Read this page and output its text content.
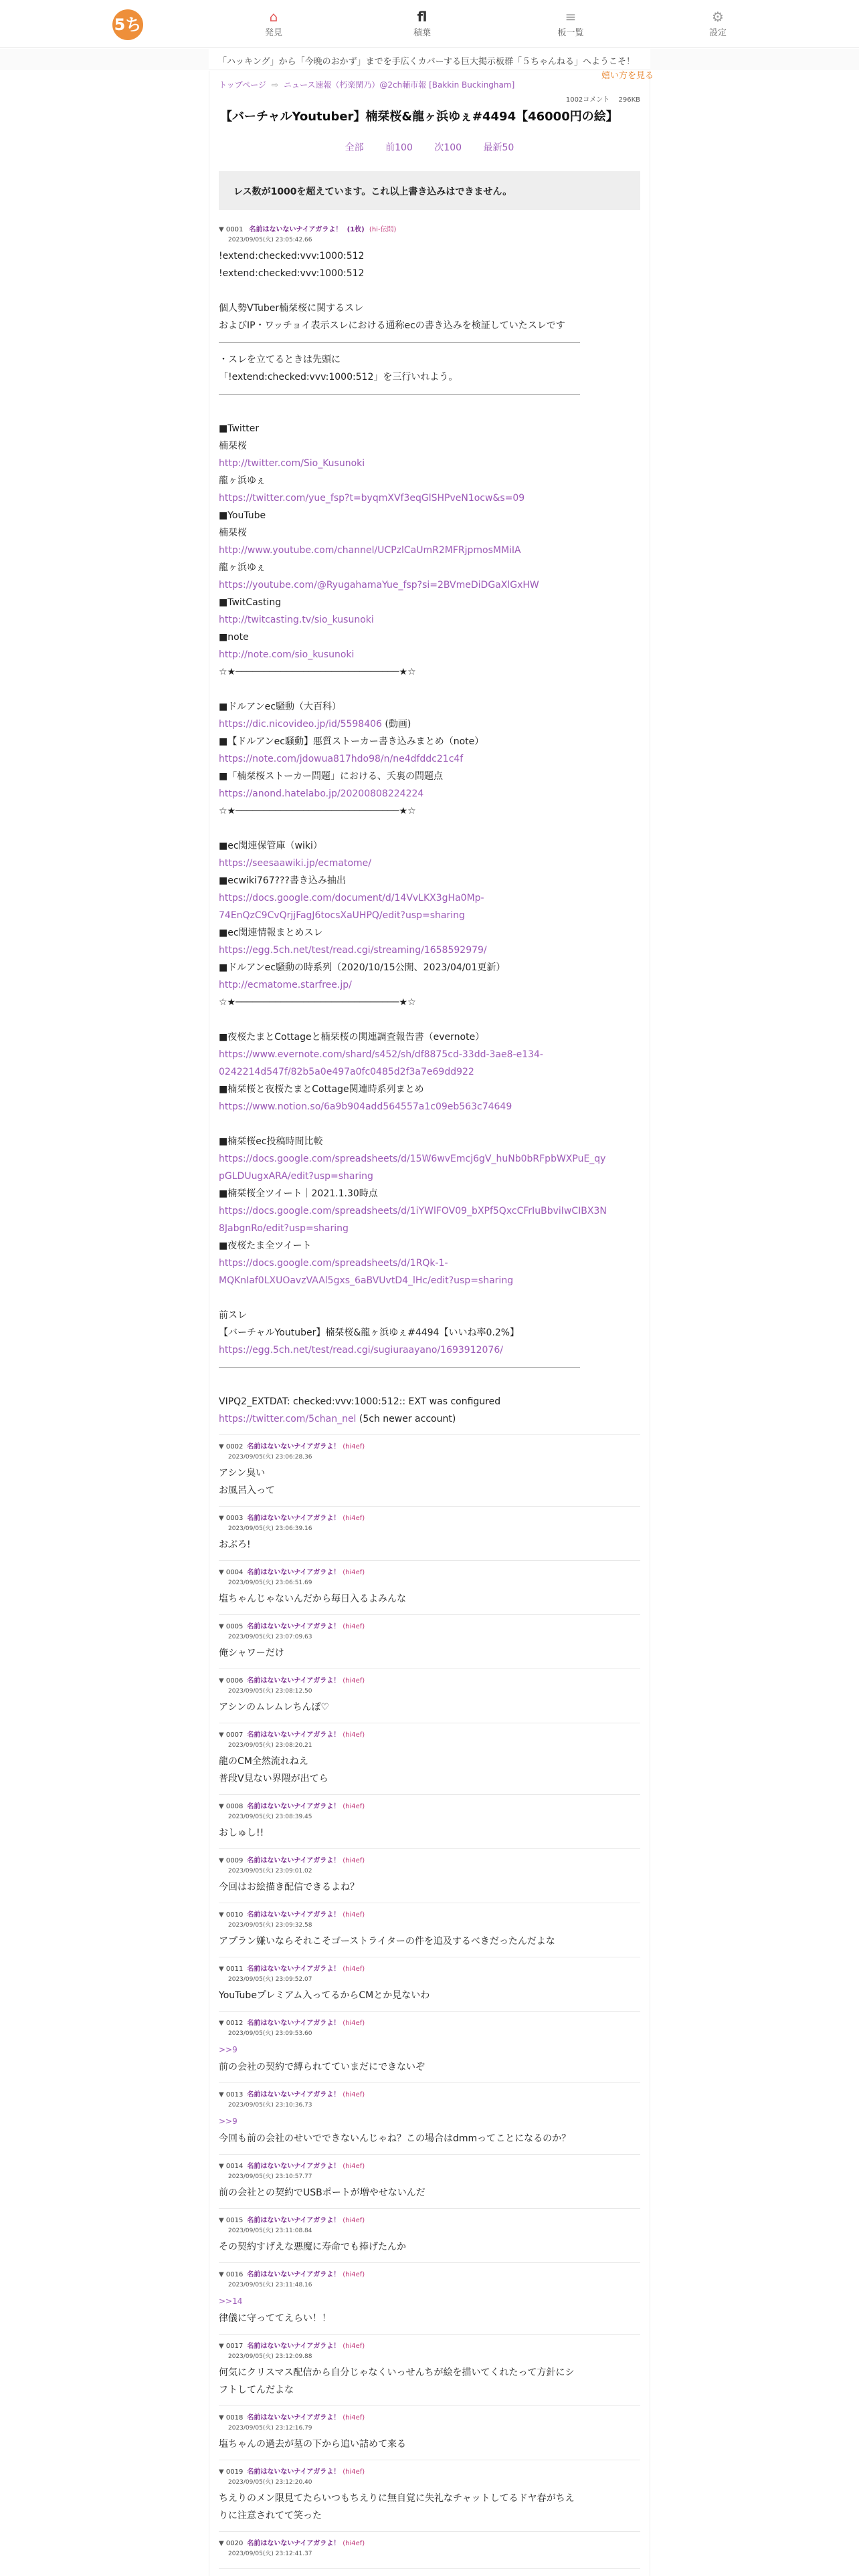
5ち	⌂
発見
fl
積葉
≡
板一覧
⚙
設定
「ハッキング」から「今晩のおかず」までを手広くカバーする巨大掲示板群「５ちゃんねる」へようこそ！
トップページ ⇨ ニュース速報（朽楽閑乃）@2ch輔市報 [Bakkin Buckingham]
嬉い方を見る
1002コメント 296KB
【バーチャルYoutuber】楠栞桜&龍ヶ浜ゆぇ#4494【46000円の絵】
全部 前100 次100 最新50
レス数が1000を超えています。これ以上書き込みはできません。
▼ 0001 名前はないないナイアガラよ！ (1枚) (hi-伝悶)
2023/09/05(火) 23:05:42.66
!extend:checked:vvv:1000:512
!extend:checked:vvv:1000:512
個人勢VTuber楠栞桜に関するスレ
およびIP・ワッチョイ表示スレにおける通称ecの書き込みを検証していたスレです
・スレを立てるときは先頭に
「!extend:checked:vvv:1000:512」を三行いれよう。
■Twitter
楠栞桜
http://twitter.com/Sio_Kusunoki
龍ヶ浜ゆぇ
https://twitter.com/yue_fsp?t=byqmXVf3eqGlSHPveN1ocw&s=09
■YouTube
楠栞桜
http://www.youtube.com/channel/UCPzlCaUmR2MFRjpmosMMiIA
龍ヶ浜ゆぇ
https://youtube.com/@RyugahamaYue_fsp?si=2BVmeDiDGaXlGxHW
■TwitCasting
http://twitcasting.tv/sio_kusunoki
■note
http://note.com/sio_kusunoki
☆★─────────────────────────────★☆
■ドルアンec騒動（大百科）
https://dic.nicovideo.jp/id/5598406 (動画)
■【ドルアンec騒動】悪質ストーカー書き込みまとめ（note）
https://note.com/jdowua817hdo98/n/ne4dfddc21c4f
■「楠栞桜ストーカー問題」における、夭裏の問題点
https://anond.hatelabo.jp/20200808224224
☆★─────────────────────────────★☆
■ec関連保管庫（wiki）
https://seesaawiki.jp/ecmatome/
■ecwiki767???書き込み抽出
https://docs.google.com/document/d/14VvLKX3gHa0Mp-
74EnQzC9CvQrjjFagJ6tocsXaUHPQ/edit?usp=sharing
■ec関連情報まとめスレ
https://egg.5ch.net/test/read.cgi/streaming/1658592979/
■ドルアンec騒動の時系列（2020/10/15公開、2023/04/01更新）
http://ecmatome.starfree.jp/
☆★─────────────────────────────★☆
■夜桜たまとCottageと楠栞桜の関連調査報告書（evernote）
https://www.evernote.com/shard/s452/sh/df8875cd-33dd-3ae8-e134-
0242214d547f/82b5a0e497a0fc0485d2f3a7e69dd922
■楠栞桜と夜桜たまとCottage関連時系列まとめ
https://www.notion.so/6a9b904add564557a1c09eb563c74649
■楠栞桜ec投稿時間比較
https://docs.google.com/spreadsheets/d/15W6wvEmcj6gV_huNb0bRFpbWXPuE_qy
pGLDUugxARA/edit?usp=sharing
■楠栞桜全ツイート｜2021.1.30時点
https://docs.google.com/spreadsheets/d/1iYWlFOV09_bXPf5QxcCFrIuBbviIwCIBX3N
8JabgnRo/edit?usp=sharing
■夜桜たま全ツイート
https://docs.google.com/spreadsheets/d/1RQk-1-
MQKnIaf0LXUOavzVAAl5gxs_6aBVUvtD4_lHc/edit?usp=sharing
前スレ
【バーチャルYoutuber】楠栞桜&龍ヶ浜ゆぇ#4494【いいね率0.2%】
https://egg.5ch.net/test/read.cgi/sugiuraayano/1693912076/
VIPQ2_EXTDAT: checked:vvv:1000:512:: EXT was configured
https://twitter.com/5chan_nel (5ch newer account)
▼ 0002 名前はないないナイアガラよ！ (hi4ef)
2023/09/05(火) 23:06:28.36
アシン臭い
お風呂入って
▼ 0003 名前はないないナイアガラよ！ (hi4ef)
2023/09/05(火) 23:06:39.16
おぶろ!
▼ 0004 名前はないないナイアガラよ！ (hi4ef)
2023/09/05(火) 23:06:51.69
塩ちゃんじゃないんだから毎日入るよみんな
▼ 0005 名前はないないナイアガラよ！ (hi4ef)
2023/09/05(火) 23:07:09.63
俺シャワーだけ
▼ 0006 名前はないないナイアガラよ！ (hi4ef)
2023/09/05(火) 23:08:12.50
アシンのムレムレちんぽ♡
▼ 0007 名前はないないナイアガラよ！ (hi4ef)
2023/09/05(火) 23:08:20.21
龍のCM全然流れねえ
普段V見ない界隈が出てら
▼ 0008 名前はないないナイアガラよ！ (hi4ef)
2023/09/05(火) 23:08:39.45
おしゅし!!
▼ 0009 名前はないないナイアガラよ！ (hi4ef)
2023/09/05(火) 23:09:01.02
今回はお絵描き配信できるよね？
▼ 0010 名前はないないナイアガラよ！ (hi4ef)
2023/09/05(火) 23:09:32.58
アプラン嫌いならそれこそゴーストライターの件を追及するべきだったんだよな
▼ 0011 名前はないないナイアガラよ！ (hi4ef)
2023/09/05(火) 23:09:52.07
YouTubeプレミアム入ってるからCMとか見ないわ
▼ 0012 名前はないないナイアガラよ！ (hi4ef)
2023/09/05(火) 23:09:53.60
>>9
前の会社の契約で縛られてていまだにできないぞ
▼ 0013 名前はないないナイアガラよ！ (hi4ef)
2023/09/05(火) 23:10:36.73
>>9
今回も前の会社のせいでできないんじゃね？この場合はdmmってことになるのか？
▼ 0014 名前はないないナイアガラよ！ (hi4ef)
2023/09/05(火) 23:10:57.77
前の会社との契約でUSBポートが増やせないんだ
▼ 0015 名前はないないナイアガラよ！ (hi4ef)
2023/09/05(火) 23:11:08.84
その契約すげえな悪魔に寿命でも捧げたんか
▼ 0016 名前はないないナイアガラよ！ (hi4ef)
2023/09/05(火) 23:11:48.16
>>14
律儀に守っててえらい！！
▼ 0017 名前はないないナイアガラよ！ (hi4ef)
2023/09/05(火) 23:12:09.88
何気にクリスマス配信から自分じゃなくいっせんちが絵を描いてくれたって方針にシ
フトしてんだよな
▼ 0018 名前はないないナイアガラよ！ (hi4ef)
2023/09/05(火) 23:12:16.79
塩ちゃんの過去が墓の下から追い詰めて来る
▼ 0019 名前はないないナイアガラよ！ (hi4ef)
2023/09/05(火) 23:12:20.40
ちえりのメン限見てたらいつもちえりに無自覚に失礼なチャットしてるドヤ春がちえ
りに注意されてて笑った
▼ 0020 名前はないないナイアガラよ！ (hi4ef)
2023/09/05(火) 23:12:41.37
